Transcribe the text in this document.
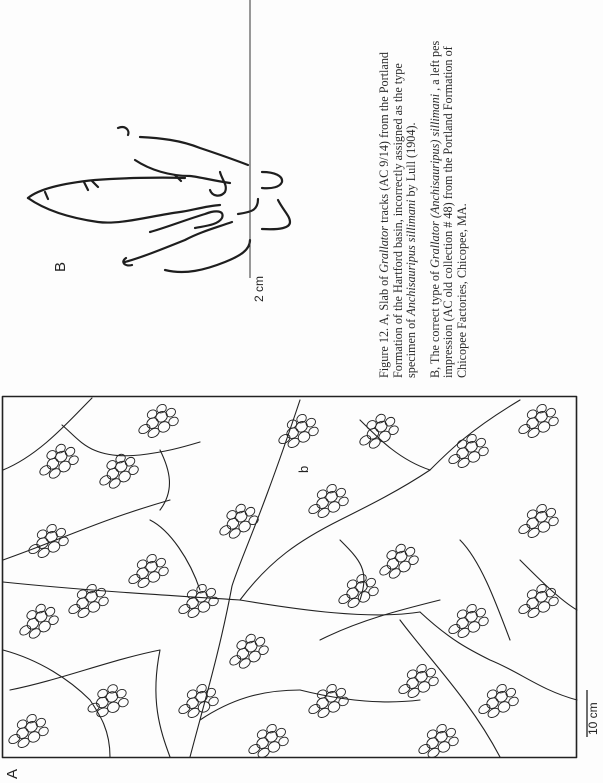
A
B
10 cm
2 cm
b

Figure 12. A, Slab of Grallator tracks (AC 9/14) from the Portland Formation of the Hartford basin, incorrectly assigned as the type specimen of Anchisauripus sillimani by Lull (1904).

B, The correct type of Grallator (Anchisauripus) sillimani , a left pes impression (AC old collection # 48) from the Portland Formation of Chicopee Factories, Chicopee, MA.
